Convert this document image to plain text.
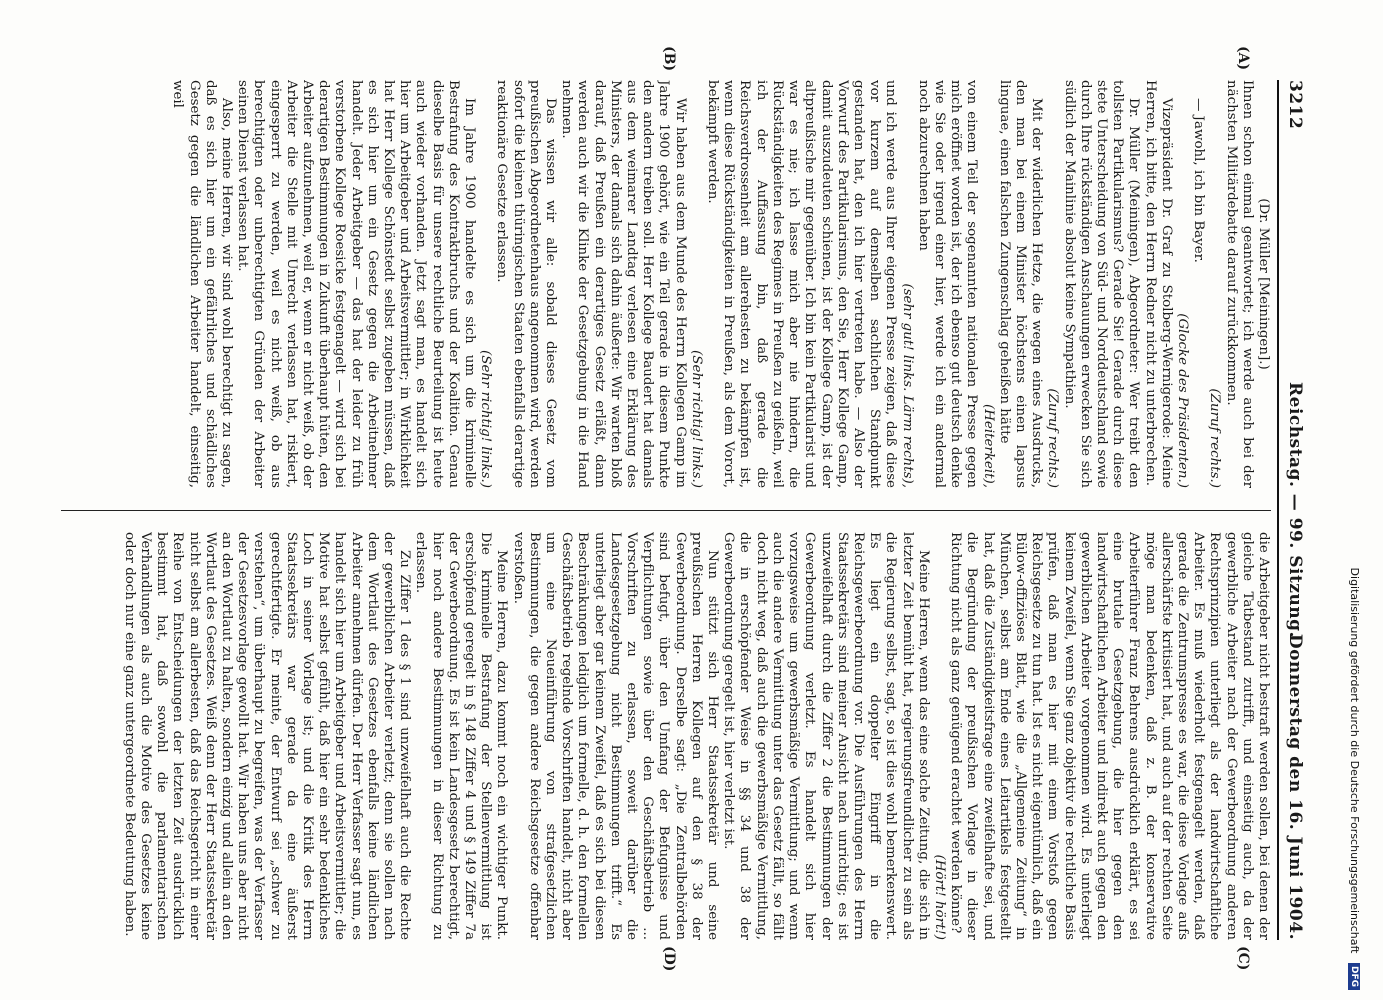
Digitalisierung gefördert durch die Deutsche Forschungsgemeinschaft DFG
3212
Reichstag. — 99. Sitzung.
Donnerstag den 16. Juni 1904.
(A)
(B)
(C)
(D)

(Dr. Müller [Meiningen].)

Ihnen schon einmal geantwortet; ich werde auch bei der nächsten Militärdebatte darauf zurückkommen.

(Zuruf rechts.)

— Jawohl, ich bin Bayer.

(Glocke des Präsidenten.)

Vizepräsident Dr. Graf zu Stolberg-Wernigerode: Meine Herren, ich bitte, den Herrn Redner nicht zu unterbrechen.

Dr. Müller (Meiningen), Abgeordneter: Wer treibt den tollsten Partikularismus? Gerade Sie! Gerade durch diese stete Unterscheidung von Süd- und Norddeutschland sowie durch Ihre rückständigen Anschauungen erwecken Sie sich südlich der Mainlinie absolut keine Sympathien.

(Zuruf rechts.)

Mit der widerlichen Hetze, die wegen eines Ausdrucks, den man bei einem Minister höchstens einen lapsus linguae, einen falschen Zungenschlag geheißen hätte

(Heiterkeit),

von einem Teil der sogenannten nationalen Presse gegen mich eröffnet worden ist, der ich ebenso gut deutsch denke wie Sie oder irgend einer hier, werde ich ein andermal noch abzurechnen haben

(sehr gut! links. Lärm rechts),

und ich werde aus Ihrer eigenen Presse zeigen, daß diese vor kurzem auf demselben sachlichen Standpunkt gestanden hat, den ich hier vertreten habe. — Also der Vorwurf des Partikularismus, den Sie, Herr Kollege Gamp, damit auszudeuten schienen, ist der Kollege Gamp, ist der altpreußische mir gegenüber. Ich bin kein Partikularist und war es nie; ich lasse mich aber nie hindern, die Rückständigkeiten des Regimes in Preußen zu geißeln, weil ich der Auffassung bin, daß gerade die Reichsverdrossenheit am allerehesten zu bekämpfen ist, wenn diese Rückständigkeiten in Preußen, als dem Vorort, bekämpft werden.

(Sehr richtig! links.)

Wir haben aus dem Munde des Herrn Kollegen Gamp im Jahre 1900 gehört, wie ein Teil gerade in diesem Punkte den andern treiben soll. Herr Kollege Baudert hat damals aus dem weimarer Landtag verlesen eine Erklärung des Ministers, der damals sich dahin äußerte: Wir warten bloß darauf, daß Preußen ein derartiges Gesetz erläßt, dann werden auch wir die Klinke der Gesetzgebung in die Hand nehmen.

Das wissen wir alle: sobald dieses Gesetz vom preußischen Abgeordnetenhaus angenommen wird, werden sofort die kleinen thüringischen Staaten ebenfalls derartige reaktionäre Gesetze erlassen.

(Sehr richtig! links.)

Im Jahre 1900 handelte es sich um die kriminelle Bestrafung des Kontraktbruchs und der Koalition. Genau dieselbe Basis für unsere rechtliche Beurteilung ist heute auch wieder vorhanden. Jetzt sagt man, es handelt sich hier um Arbeitgeber und Arbeitsvermittler; in Wirklichkeit hat Herr Kollege Schönstedt selbst zugeben müssen, daß es sich hier um ein Gesetz gegen die Arbeitnehmer handelt. Jeder Arbeitgeber — das hat der leider zu früh verstorbene Kollege Roesicke festgenagelt — wird sich bei derartigen Bestimmungen in Zukunft überhaupt hüten, den Arbeiter aufzunehmen, weil er, wenn er nicht weiß, ob der Arbeiter die Stelle mit Unrecht verlassen hat, riskiert, eingesperrt zu werden, weil es nicht weiß, ob aus berechtigten oder unberechtigten Gründen der Arbeiter seinen Dienst verlassen hat.

Also, meine Herren, wir sind wohl berechtigt zu sagen, daß es sich hier um ein gefährliches und schädliches Gesetz gegen die ländlichen Arbeiter handelt, einseitig, weil

die Arbeitgeber nicht bestraft werden sollen, bei denen der gleiche Tatbestand zutrifft, und einseitig auch, da der gewerbliche Arbeiter nach der Gewerbeordnung anderen Rechtsprinzipien unterliegt als der landwirtschaftliche Arbeiter. Es muß wiederholt festgenagelt werden, daß gerade die Zentrumspresse es war, die diese Vorlage aufs allerschärfste kritisiert hat, und auch auf der rechten Seite möge man bedenken, daß z. B. der konservative Arbeiterführer Franz Behrens ausdrücklich erklärt, es sei eine brutale Gesetzgebung, die hier gegen den landwirtschaftlichen Arbeiter und indirekt auch gegen den gewerblichen Arbeiter vorgenommen wird. Es unterliegt keinem Zweifel, wenn Sie ganz objektiv die rechtliche Basis prüfen, daß man es hier mit einem Vorstoß gegen Reichsgesetze zu tun hat. Ist es nicht eigentümlich, daß ein Bülow-offiziöses Blatt, wie die „Allgemeine Zeitung“ in München, selbst am Ende eines Leitartikels festgestellt hat, daß die Zuständigkeitsfrage eine zweifelhafte sei, und die Begründung der preußischen Vorlage in dieser Richtung nicht als ganz genügend erachtet werden könne?

(Hört! hört!)

Meine Herren, wenn das eine solche Zeitung, die sich in letzter Zeit bemüht hat, regierungsfreundlicher zu sein als die Regierung selbst, sagt, so ist dies wohl bemerkenswert. Es liegt ein doppelter Eingriff in die Reichsgewerbeordnung vor. Die Ausführungen des Herrn Staatssekretärs sind meiner Ansicht nach unrichtig; es ist unzweifelhaft durch die Ziffer 2 die Bestimmungen der Gewerbeordnung verletzt. Es handelt sich hier vorzugsweise um gewerbsmäßige Vermittlung; und wenn auch die andere Vermittlung unter das Gesetz fällt, so fällt doch nicht weg, daß auch die gewerbsmäßige Vermittlung, die in erschöpfender Weise in §§ 34 und 38 der Gewerbeordnung geregelt ist, hier verletzt ist.

Nun stützt sich Herr Staatssekretär und seine preußischen Herren Kollegen auf den § 38 der Gewerbeordnung. Derselbe sagt: „Die Zentralbehörden sind befugt, über den Umfang der Befugnisse und Verpflichtungen sowie über den Geschäftsbetrieb ... Vorschriften zu erlassen, soweit darüber die Landesgesetzgebung nicht Bestimmungen trifft.“ Es unterliegt aber gar keinem Zweifel, daß es sich bei diesen Beschränkungen lediglich um formelle, d. h. den formellen Geschäftsbetrieb regelnde Vorschriften handelt, nicht aber um eine Neueinführung von strafgesetzlichen Bestimmungen, die gegen andere Reichsgesetze offenbar verstoßen.

Meine Herren, dazu kommt noch ein wichtiger Punkt. Die kriminelle Bestrafung der Stellenvermittlung ist erschöpfend geregelt in § 148 Ziffer 4 und § 149 Ziffer 7a der Gewerbeordnung. Es ist kein Landesgesetz berechtigt, hier noch andere Bestimmungen in dieser Richtung zu erlassen.

Zu Ziffer 1 des § 1 sind unzweifelhaft auch die Rechte der gewerblichen Arbeiter verletzt; denn sie sollen nach dem Wortlaut des Gesetzes ebenfalls keine ländlichen Arbeiter annehmen dürfen. Der Herr Verfasser sagt nun, es handelt sich hier um Arbeitgeber und Arbeitsvermittler; die Motive hat selbst gefühlt, daß hier ein sehr bedenkliches Loch in seiner Vorlage ist; und die Kritik des Herrn Staatssekretärs war gerade da eine äußerst gerechtfertigte. Er meinte, der Entwurf sei „schwer zu verstehen“, um überhaupt zu begreifen, was der Verfasser der Gesetzesvorlage gewollt hat. Wir haben uns aber nicht an den Wortlaut zu halten, sondern einzig und allein an den Wortlaut des Gesetzes. Weiß denn der Herr Staatssekretär nicht selbst am allerbesten, daß das Reichsgericht in einer Reihe von Entscheidungen der letzten Zeit ausdrücklich bestimmt hat, daß sowohl die parlamentarischen Verhandlungen als auch die Motive des Gesetzes keine oder doch nur eine ganz untergeordnete Bedeutung haben.
